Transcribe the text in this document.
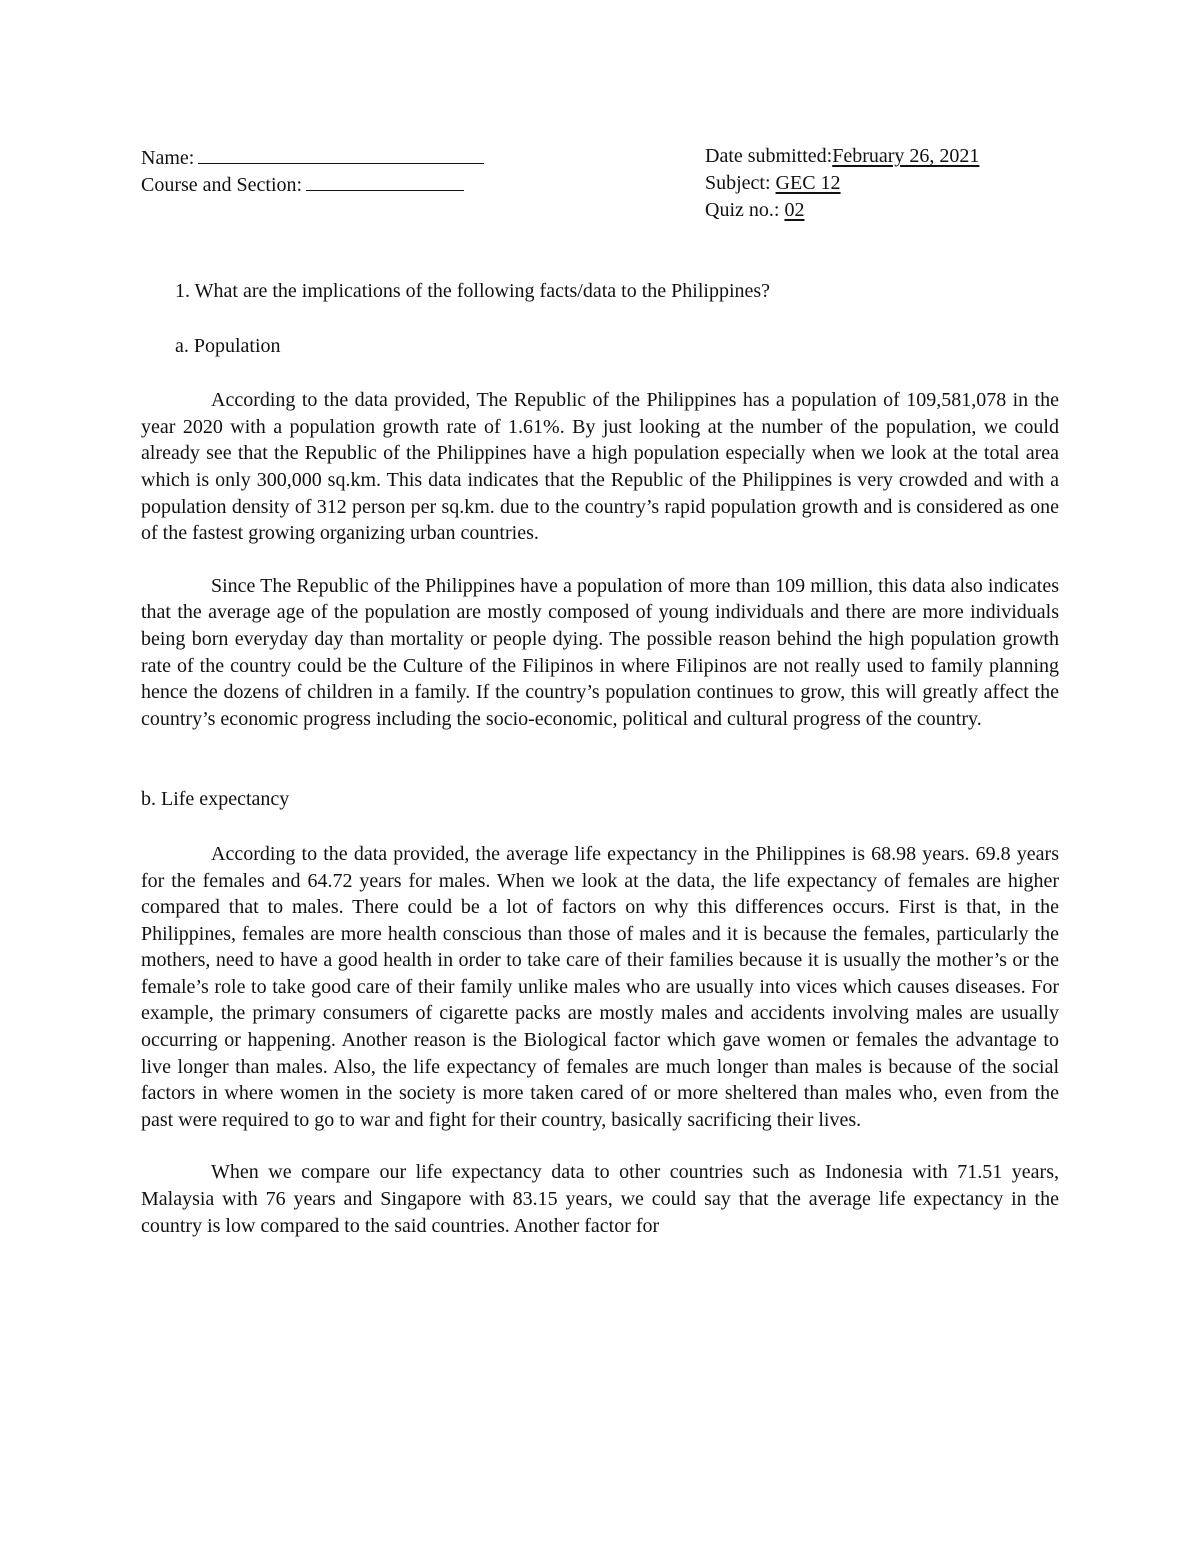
Name:
Course and Section:
Date submitted:February 26, 2021
Subject: GEC 12
Quiz no.: 02

1. What are the implications of the following facts/data to the Philippines?

a. Population

According to the data provided, The Republic of the Philippines has a population of 109,581,078 in the year 2020 with a population growth rate of 1.61%. By just looking at the number of the population, we could already see that the Republic of the Philippines have a high population especially when we look at the total area which is only 300,000 sq.km. This data indicates that the Republic of the Philippines is very crowded and with a population density of 312 person per sq.km. due to the country’s rapid population growth and is considered as one of the fastest growing organizing urban countries.

Since The Republic of the Philippines have a population of more than 109 million, this data also indicates that the average age of the population are mostly composed of young individuals and there are more individuals being born everyday day than mortality or people dying. The possible reason behind the high population growth rate of the country could be the Culture of the Filipinos in where Filipinos are not really used to family planning hence the dozens of children in a family. If the country’s population continues to grow, this will greatly affect the country’s economic progress including the socio-economic, political and cultural progress of the country.

b. Life expectancy

According to the data provided, the average life expectancy in the Philippines is 68.98 years. 69.8 years for the females and 64.72 years for males. When we look at the data, the life expectancy of females are higher compared that to males. There could be a lot of factors on why this differences occurs. First is that, in the Philippines, females are more health conscious than those of males and it is because the females, particularly the mothers, need to have a good health in order to take care of their families because it is usually the mother’s or the female’s role to take good care of their family unlike males who are usually into vices which causes diseases. For example, the primary consumers of cigarette packs are mostly males and accidents involving males are usually occurring or happening. Another reason is the Biological factor which gave women or females the advantage to live longer than males. Also, the life expectancy of females are much longer than males is because of the social factors in where women in the society is more taken cared of or more sheltered than males who, even from the past were required to go to war and fight for their country, basically sacrificing their lives.

When we compare our life expectancy data to other countries such as Indonesia with 71.51 years, Malaysia with 76 years and Singapore with 83.15 years, we could say that the average life expectancy in the country is low compared to the said countries. Another factor for
